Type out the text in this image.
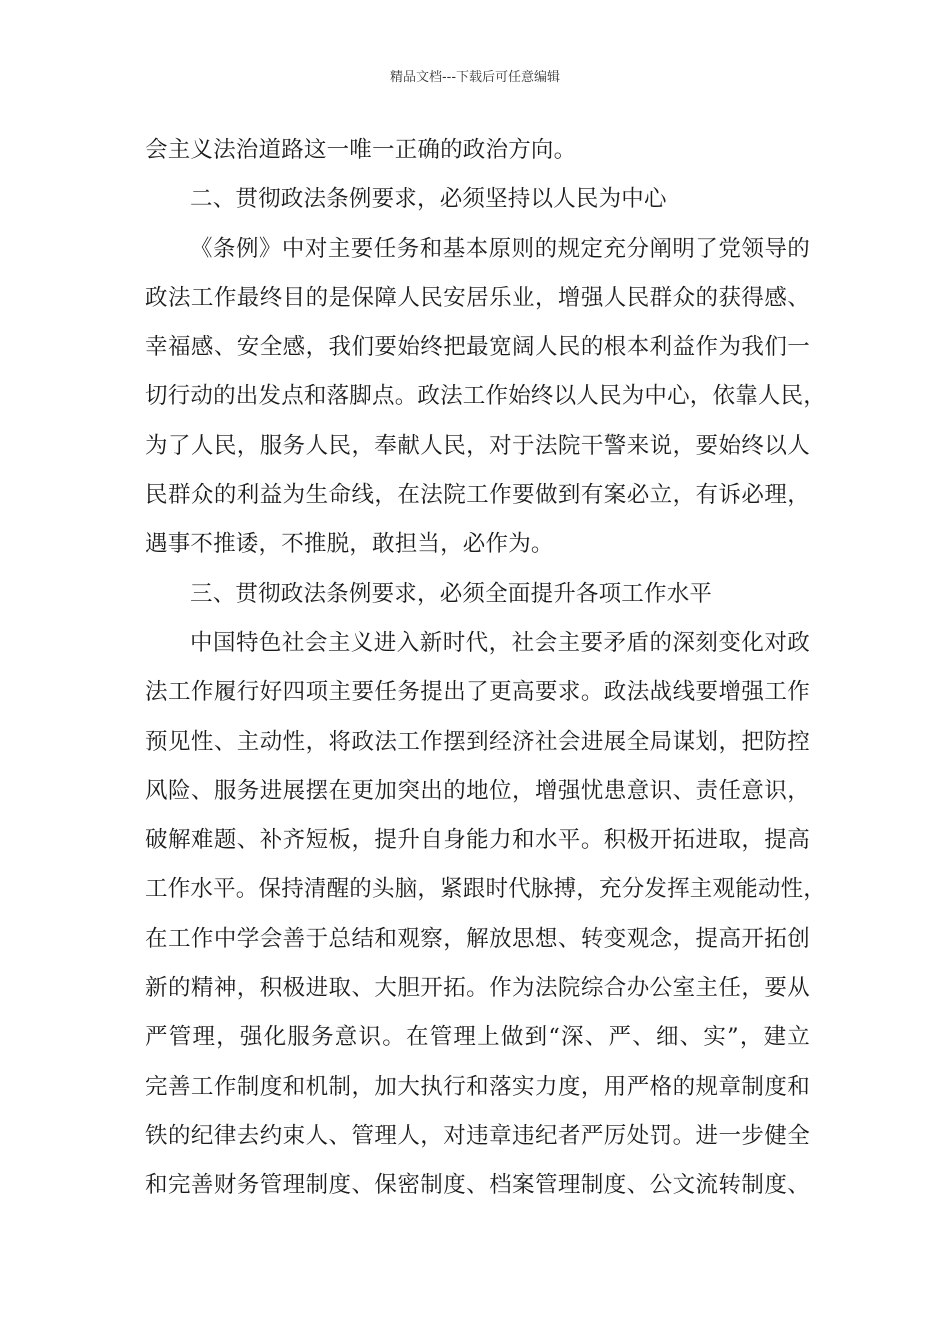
精品文档---下载后可任意编辑
会主义法治道路这一唯一正确的政治方向。
二、贯彻政法条例要求，必须坚持以人民为中心
《条例》中对主要任务和基本原则的规定充分阐明了党领导的
政法工作最终目的是保障人民安居乐业，增强人民群众的获得感、
幸福感、安全感，我们要始终把最宽阔人民的根本利益作为我们一
切行动的出发点和落脚点。政法工作始终以人民为中心，依靠人民，
为了人民，服务人民，奉献人民，对于法院干警来说，要始终以人
民群众的利益为生命线，在法院工作要做到有案必立，有诉必理，
遇事不推诿，不推脱，敢担当，必作为。
三、贯彻政法条例要求，必须全面提升各项工作水平
中国特色社会主义进入新时代，社会主要矛盾的深刻变化对政
法工作履行好四项主要任务提出了更高要求。政法战线要增强工作
预见性、主动性，将政法工作摆到经济社会进展全局谋划，把防控
风险、服务进展摆在更加突出的地位，增强忧患意识、责任意识，
破解难题、补齐短板，提升自身能力和水平。积极开拓进取，提高
工作水平。保持清醒的头脑，紧跟时代脉搏，充分发挥主观能动性，
在工作中学会善于总结和观察，解放思想、转变观念，提高开拓创
新的精神，积极进取、大胆开拓。作为法院综合办公室主任，要从
严管理，强化服务意识。在管理上做到“深、严、细、实”，建立
完善工作制度和机制，加大执行和落实力度，用严格的规章制度和
铁的纪律去约束人、管理人，对违章违纪者严厉处罚。进一步健全
和完善财务管理制度、保密制度、档案管理制度、公文流转制度、
